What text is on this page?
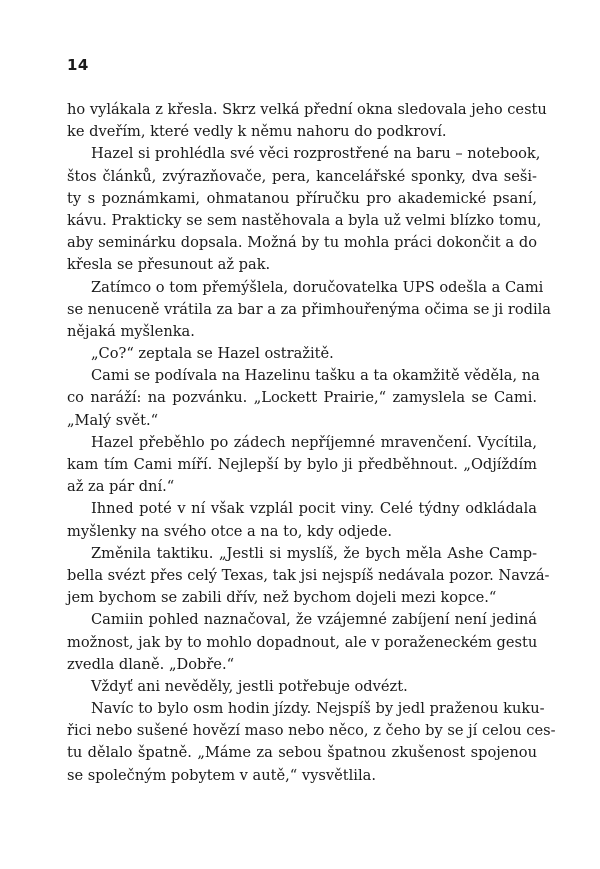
14
ho vylákala z křesla. Skrz velká přední okna sledovala jeho cestu
ke dveřím, které vedly k němu nahoru do podkroví.
Hazel si prohlédla své věci rozprostřené na baru – notebook,
štos článků, zvýrazňovače, pera, kancelářské sponky, dva seši-
ty s poznámkami, ohmatanou příručku pro akademické psaní,
kávu. Prakticky se sem nastěhovala a byla už velmi blízko tomu,
aby seminárku dopsala. Možná by tu mohla práci dokončit a do
křesla se přesunout až pak.
Zatímco o tom přemýšlela, doručovatelka UPS odešla a Cami
se nenuceně vrátila za bar a za přimhouřenýma očima se ji rodila
nějaká myšlenka.
„Co?“ zeptala se Hazel ostražitě.
Cami se podívala na Hazelinu tašku a ta okamžitě věděla, na
co naráží: na pozvánku. „Lockett Prairie,“ zamyslela se Cami.
„Malý svět.“
Hazel přeběhlo po zádech nepříjemné mravenčení. Vycítila,
kam tím Cami míří. Nejlepší by bylo ji předběhnout. „Odjíždím
až za pár dní.“
Ihned poté v ní však vzplál pocit viny. Celé týdny odkládala
myšlenky na svého otce a na to, kdy odjede.
Změnila taktiku. „Jestli si myslíš, že bych měla Ashe Camp-
bella svézt přes celý Texas, tak jsi nejspíš nedávala pozor. Navzá-
jem bychom se zabili dřív, než bychom dojeli mezi kopce.“
Camiin pohled naznačoval, že vzájemné zabíjení není jediná
možnost, jak by to mohlo dopadnout, ale v poraženeckém gestu
zvedla dlaně. „Dobře.“
Vždyť ani nevěděly, jestli potřebuje odvézt.
Navíc to bylo osm hodin jízdy. Nejspíš by jedl praženou kuku-
řici nebo sušené hovězí maso nebo něco, z čeho by se jí celou ces-
tu dělalo špatně. „Máme za sebou špatnou zkušenost spojenou
se společným pobytem v autě,“ vysvětlila.
